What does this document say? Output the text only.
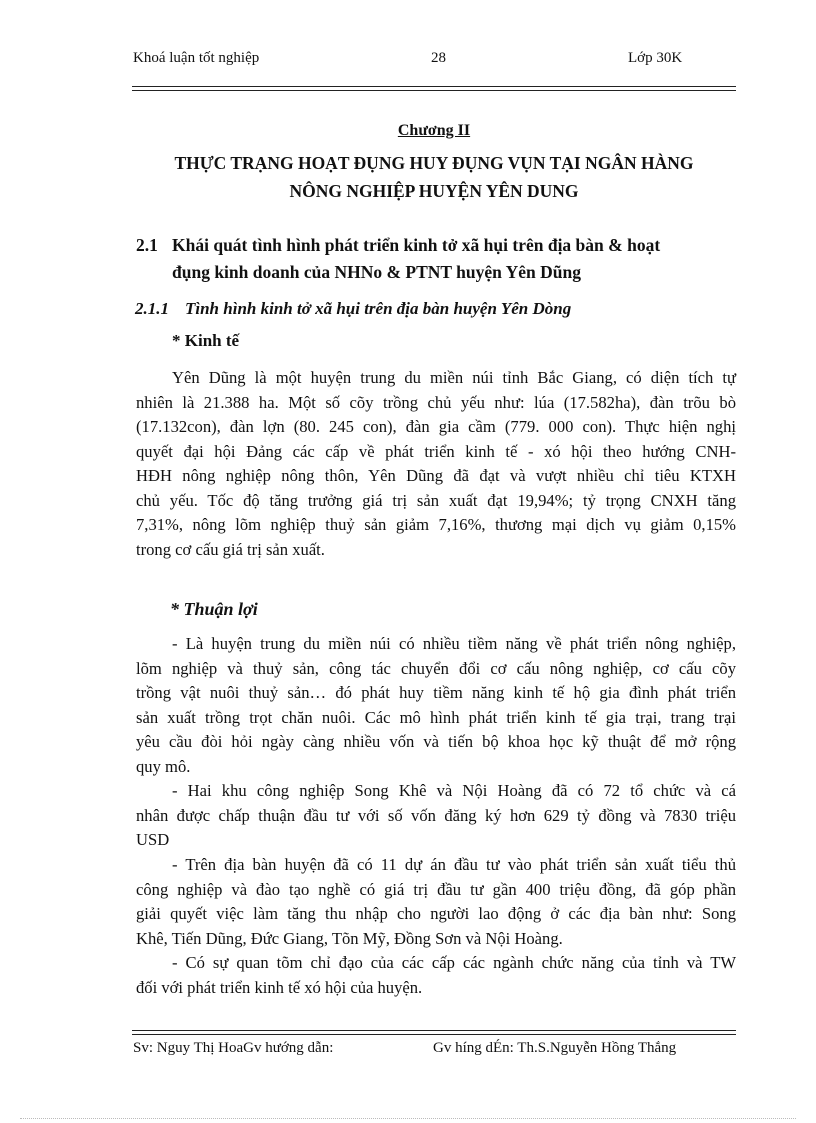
Khoá luận tốt nghiệp	28	Lớp 30K
Chương II
THỰC TRẠNG HOẠT ĐỤNG HUY ĐỤNG VỤN TẠI NGÂN HÀNG
NÔNG NGHIỆP HUYỆN YÊN DUNG
2.1 Khái quát tình hình phát triển kinh tở xã hụi trên địa bàn & hoạt
đụng kinh doanh của NHNo & PTNT huyện Yên Dũng
2.1.1 Tình hình kinh tở xã hụi trên địa bàn huyện Yên Dòng
* Kinh tế
Yên Dũng là một huyện trung du miền núi tỉnh Bắc Giang, có diện tích tự
nhiên là 21.388 ha. Một số cõy trồng chủ yếu như: lúa (17.582ha), đàn trõu bò
(17.132con), đàn lợn (80. 245 con), đàn gia cầm (779. 000 con). Thực hiện nghị
quyết đại hội Đảng các cấp về phát triển kinh tế - xó hội theo hướng CNH-
HĐH nông nghiệp nông thôn, Yên Dũng đã đạt và vượt nhiều chỉ tiêu KTXH
chủ yếu. Tốc độ tăng trưởng giá trị sản xuất đạt 19,94%; tỷ trọng CNXH tăng
7,31%, nông lõm nghiệp thuỷ sản giảm 7,16%, thương mại dịch vụ giảm 0,15%
trong cơ cấu giá trị sản xuất.
* Thuận lợi
- Là huyện trung du miền núi có nhiều tiềm năng về phát triển nông nghiệp,
lõm nghiệp và thuỷ sản, công tác chuyển đổi cơ cấu nông nghiệp, cơ cấu cõy
trồng vật nuôi thuỷ sản… đó phát huy tiềm năng kinh tế hộ gia đình phát triển
sản xuất trồng trọt chăn nuôi. Các mô hình phát triển kinh tế gia trại, trang trại
yêu cầu đòi hỏi ngày càng nhiều vốn và tiến bộ khoa học kỹ thuật để mở rộng
quy mô.
- Hai khu công nghiệp Song Khê và Nội Hoàng đã có 72 tổ chức và cá
nhân được chấp thuận đầu tư với số vốn đăng ký hơn 629 tỷ đồng và 7830 triệu
USD
- Trên địa bàn huyện đã có 11 dự án đầu tư vào phát triển sản xuất tiểu thủ
công nghiệp và đào tạo nghề có giá trị đầu tư gần 400 triệu đồng, đã góp phần
giải quyết việc làm tăng thu nhập cho người lao động ở các địa bàn như: Song
Khê, Tiến Dũng, Đức Giang, Tõn Mỹ, Đồng Sơn và Nội Hoàng.
- Có sự quan tõm chỉ đạo của các cấp các ngành chức năng của tỉnh và TW
đối với phát triển kinh tế xó hội của huyện.
Sv: Nguy Thị HoaGv hướng dẫn:	Gv híng dÉn: Th.S.Nguyễn Hồng Thắng
